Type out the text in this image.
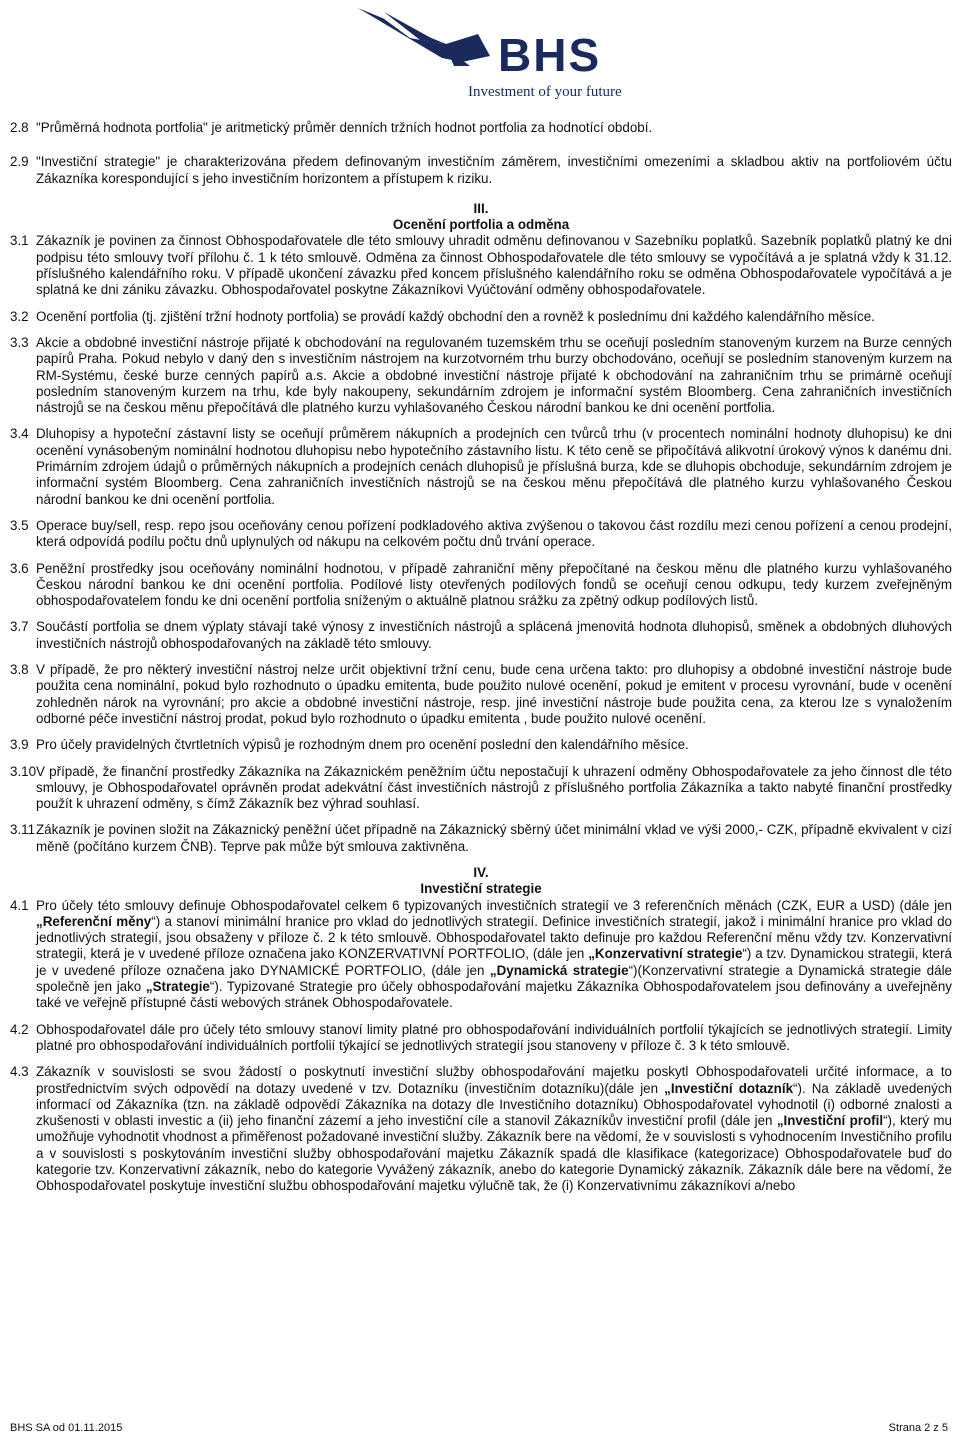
BHS
Investment of your future
2.8 "Průměrná hodnota portfolia" je aritmetický průměr denních tržních hodnot portfolia za hodnotící období.
2.9 "Investiční strategie" je charakterizována předem definovaným investičním záměrem, investičními omezeními a skladbou aktiv na portfoliovém účtu Zákazníka korespondující s jeho investičním horizontem a přístupem k riziku.
III.
Ocenění portfolia a odměna
3.1 Zákazník je povinen za činnost Obhospodařovatele dle této smlouvy uhradit odměnu definovanou v Sazebníku poplatků. Sazebník poplatků platný ke dni podpisu této smlouvy tvoří přílohu č. 1 k této smlouvě. Odměna za činnost Obhospodařovatele dle této smlouvy se vypočítává a je splatná vždy k 31.12. příslušného kalendářního roku. V případě ukončení závazku před koncem příslušného kalendářního roku se odměna Obhospodařovatele vypočítává a je splatná ke dni zániku závazku. Obhospodařovatel poskytne Zákazníkovi Vyúčtování odměny obhospodařovatele.
3.2 Ocenění portfolia (tj. zjištění tržní hodnoty portfolia) se provádí každý obchodní den a rovněž k poslednímu dni každého kalendářního měsíce.
3.3 Akcie a obdobné investiční nástroje přijaté k obchodování na regulovaném tuzemském trhu se oceňují posledním stanoveným kurzem na Burze cenných papírů Praha. Pokud nebylo v daný den s investičním nástrojem na kurzotvorném trhu burzy obchodováno, oceňují se posledním stanoveným kurzem na RM-Systému, české burze cenných papírů a.s. Akcie a obdobné investiční nástroje přijaté k obchodování na zahraničním trhu se primárně oceňují posledním stanoveným kurzem na trhu, kde byly nakoupeny, sekundárním zdrojem je informační systém Bloomberg. Cena zahraničních investičních nástrojů se na českou měnu přepočítává dle platného kurzu vyhlašovaného Českou národní bankou ke dni ocenění portfolia.
3.4 Dluhopisy a hypoteční zástavní listy se oceňují průměrem nákupních a prodejních cen tvůrců trhu (v procentech nominální hodnoty dluhopisu) ke dni ocenění vynásobeným nominální hodnotou dluhopisu nebo hypotečního zástavního listu. K této ceně se připočítává alikvotní úrokový výnos k danému dni. Primárním zdrojem údajů o průměrných nákupních a prodejních cenách dluhopisů je příslušná burza, kde se dluhopis obchoduje, sekundárním zdrojem je informační systém Bloomberg. Cena zahraničních investičních nástrojů se na českou měnu přepočítává dle platného kurzu vyhlašovaného Českou národní bankou ke dni ocenění portfolia.
3.5 Operace buy/sell, resp. repo jsou oceňovány cenou pořízení podkladového aktiva zvýšenou o takovou část rozdílu mezi cenou pořízení a cenou prodejní, která odpovídá podílu počtu dnů uplynulých od nákupu na celkovém počtu dnů trvání operace.
3.6 Peněžní prostředky jsou oceňovány nominální hodnotou, v případě zahraniční měny přepočítané na českou měnu dle platného kurzu vyhlašovaného Českou národní bankou ke dni ocenění portfolia. Podílové listy otevřených podílových fondů se oceňují cenou odkupu, tedy kurzem zveřejněným obhospodařovatelem fondu ke dni ocenění portfolia sníženým o aktuálně platnou srážku za zpětný odkup podílových listů.
3.7 Součástí portfolia se dnem výplaty stávají také výnosy z investičních nástrojů a splácená jmenovitá hodnota dluhopisů, směnek a obdobných dluhových investičních nástrojů obhospodařovaných na základě této smlouvy.
3.8 V případě, že pro některý investiční nástroj nelze určit objektivní tržní cenu, bude cena určena takto: pro dluhopisy a obdobné investiční nástroje bude použita cena nominální, pokud bylo rozhodnuto o úpadku emitenta, bude použito nulové ocenění, pokud je emitent v procesu vyrovnání, bude v ocenění zohledněn nárok na vyrovnání; pro akcie a obdobné investiční nástroje, resp. jiné investiční nástroje bude použita cena, za kterou lze s vynaložením odborné péče investiční nástroj prodat, pokud bylo rozhodnuto o úpadku emitenta , bude použito nulové ocenění.
3.9 Pro účely pravidelných čtvrtletních výpisů je rozhodným dnem pro ocenění poslední den kalendářního měsíce.
3.10 V případě, že finanční prostředky Zákazníka na Zákaznickém peněžním účtu nepostačují k uhrazení odměny Obhospodařovatele za jeho činnost dle této smlouvy, je Obhospodařovatel oprávněn prodat adekvátní část investičních nástrojů z příslušného portfolia Zákazníka a takto nabyté finanční prostředky použít k uhrazení odměny, s čímž Zákazník bez výhrad souhlasí.
3.11 Zákazník je povinen složit na Zákaznický peněžní účet případně na Zákaznický sběrný účet minimální vklad ve výši 2000,- CZK, případně ekvivalent v cizí měně (počítáno kurzem ČNB). Teprve pak může být smlouva zaktivněna.
IV.
Investiční strategie
4.1 Pro účely této smlouvy definuje Obhospodařovatel celkem 6 typizovaných investičních strategií ve 3 referenčních měnách (CZK, EUR a USD) (dále jen „Referenční měny“) a stanoví minimální hranice pro vklad do jednotlivých strategií. Definice investičních strategií, jakož i minimální hranice pro vklad do jednotlivých strategií, jsou obsaženy v příloze č. 2 k této smlouvě. Obhospodařovatel takto definuje pro každou Referenční měnu vždy tzv. Konzervativní strategii, která je v uvedené příloze označena jako KONZERVATIVNÍ PORTFOLIO, (dále jen „Konzervativní strategie“) a tzv. Dynamickou strategii, která je v uvedené příloze označena jako DYNAMICKÉ PORTFOLIO, (dále jen „Dynamická strategie“)(Konzervativní strategie a Dynamická strategie dále společně jen jako „Strategie“). Typizované Strategie pro účely obhospodařování majetku Zákazníka Obhospodařovatelem jsou definovány a uveřejněny také ve veřejně přístupné části webových stránek Obhospodařovatele.
4.2 Obhospodařovatel dále pro účely této smlouvy stanoví limity platné pro obhospodařování individuálních portfolií týkajících se jednotlivých strategií. Limity platné pro obhospodařování individuálních portfolií týkající se jednotlivých strategií jsou stanoveny v příloze č. 3 k této smlouvě.
4.3 Zákazník v souvislosti se svou žádostí o poskytnutí investiční služby obhospodařování majetku poskytl Obhospodařovateli určité informace, a to prostřednictvím svých odpovědí na dotazy uvedené v tzv. Dotazníku (investičním dotazníku)(dále jen „Investiční dotazník“). Na základě uvedených informací od Zákazníka (tzn. na základě odpovědí Zákazníka na dotazy dle Investičního dotazníku) Obhospodařovatel vyhodnotil (i) odborné znalosti a zkušenosti v oblasti investic a (ii) jeho finanční zázemí a jeho investiční cíle a stanovil Zákazníkův investiční profil (dále jen „Investiční profil“), který mu umožňuje vyhodnotit vhodnost a přiměřenost požadované investiční služby. Zákazník bere na vědomí, že v souvislosti s vyhodnocením Investičního profilu a v souvislosti s poskytováním investiční služby obhospodařování majetku Zákazník spadá dle klasifikace (kategorizace) Obhospodařovatele buď do kategorie tzv. Konzervativní zákazník, nebo do kategorie Vyvážený zákazník, anebo do kategorie Dynamický zákazník. Zákazník dále bere na vědomí, že Obhospodařovatel poskytuje investiční službu obhospodařování majetku výlučně tak, že (i) Konzervativnímu zákazníkovi a/nebo
BHS SA od 01.11.2015	Strana 2 z 5
